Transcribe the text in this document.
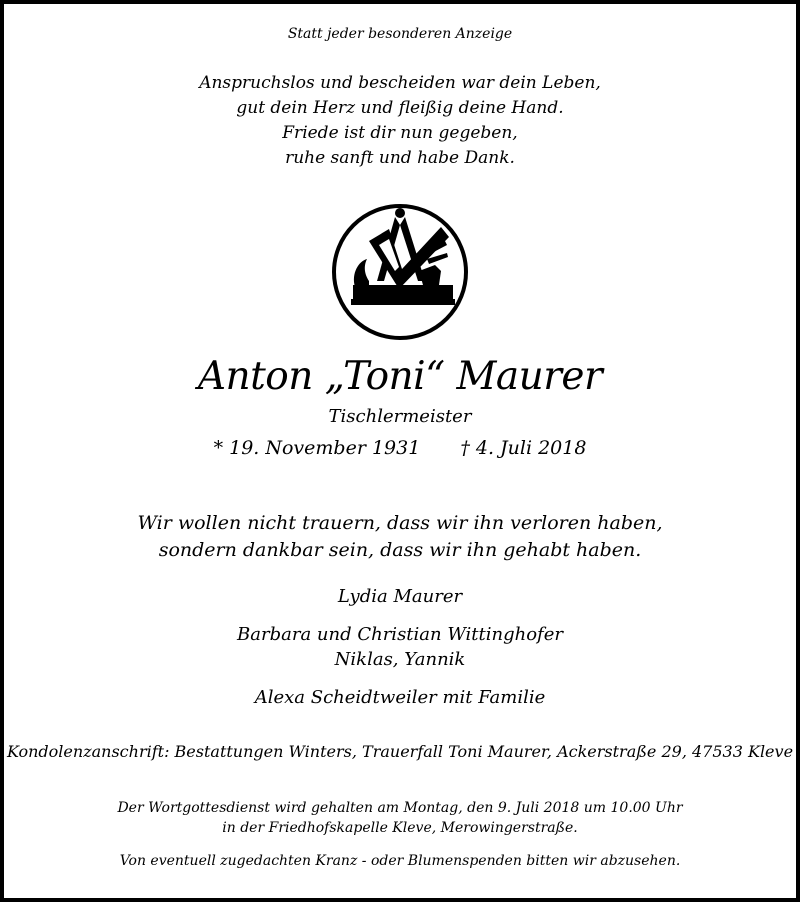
Statt jeder besonderen Anzeige
Anspruchslos und bescheiden war dein Leben,
gut dein Herz und fleißig deine Hand.
Friede ist dir nun gegeben,
ruhe sanft und habe Dank.
Anton „Toni“ Maurer
Tischlermeister
* 19. November 1931 † 4. Juli 2018
Wir wollen nicht trauern, dass wir ihn verloren haben,
sondern dankbar sein, dass wir ihn gehabt haben.
Lydia Maurer
Barbara und Christian Wittinghofer
Niklas, Yannik
Alexa Scheidtweiler mit Familie
Kondolenzanschrift: Bestattungen Winters, Trauerfall Toni Maurer, Ackerstraße 29, 47533 Kleve
Der Wortgottesdienst wird gehalten am Montag, den 9. Juli 2018 um 10.00 Uhr
in der Friedhofskapelle Kleve, Merowingerstraße.
Von eventuell zugedachten Kranz - oder Blumenspenden bitten wir abzusehen.
